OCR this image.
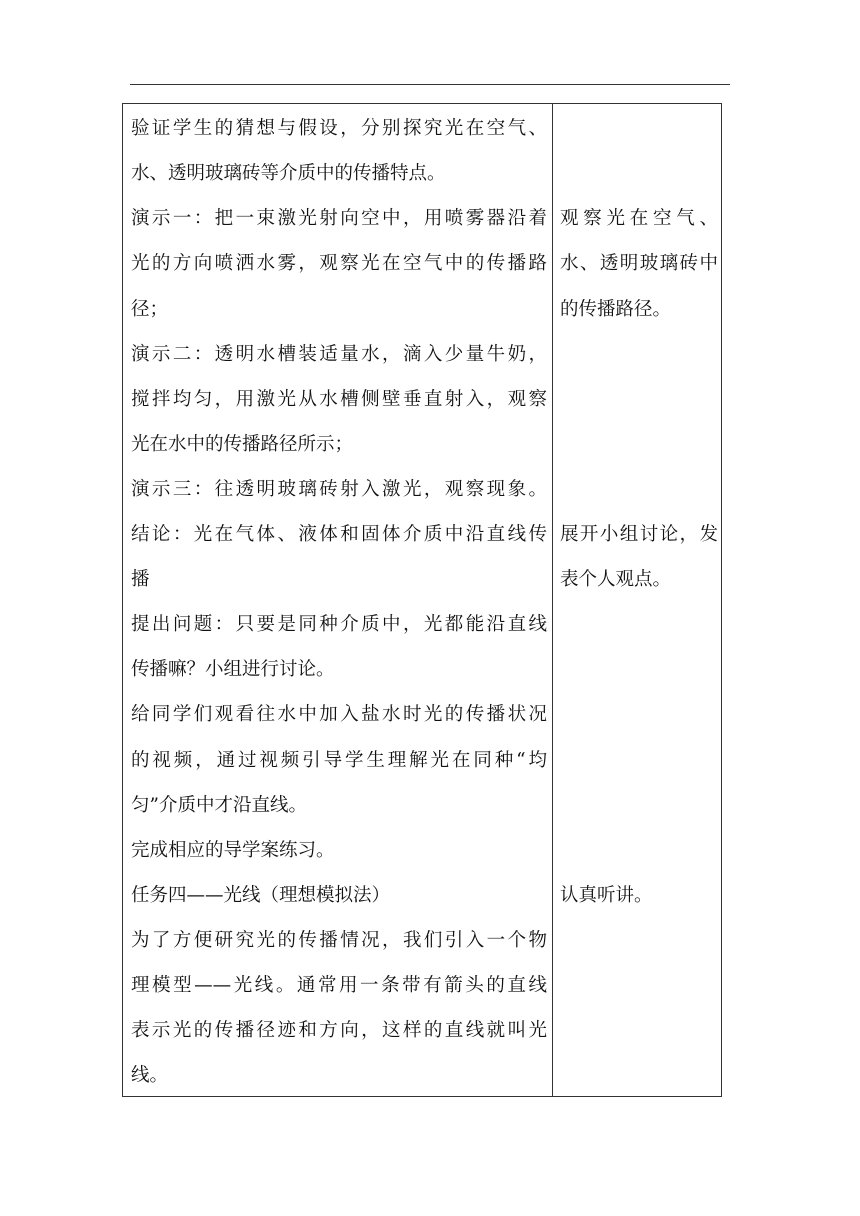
验证学生的猜想与假设，分别探究光在空气、
水、透明玻璃砖等介质中的传播特点。
演示一：把一束激光射向空中，用喷雾器沿着
光的方向喷洒水雾，观察光在空气中的传播路
径；
演示二：透明水槽装适量水，滴入少量牛奶，
搅拌均匀，用激光从水槽侧壁垂直射入，观察
光在水中的传播路径所示；
演示三：往透明玻璃砖射入激光，观察现象。
结论：光在气体、液体和固体介质中沿直线传
播
提出问题：只要是同种介质中，光都能沿直线
传播嘛？小组进行讨论。
给同学们观看往水中加入盐水时光的传播状况
的视频，通过视频引导学生理解光在同种“均
匀”介质中才沿直线。
完成相应的导学案练习。
任务四——光线（理想模拟法）
为了方便研究光的传播情况，我们引入一个物
理模型——光线。通常用一条带有箭头的直线
表示光的传播径迹和方向，这样的直线就叫光
线。
观察光在空气、
水、透明玻璃砖中
的传播路径。
展开小组讨论，发
表个人观点。
认真听讲。
